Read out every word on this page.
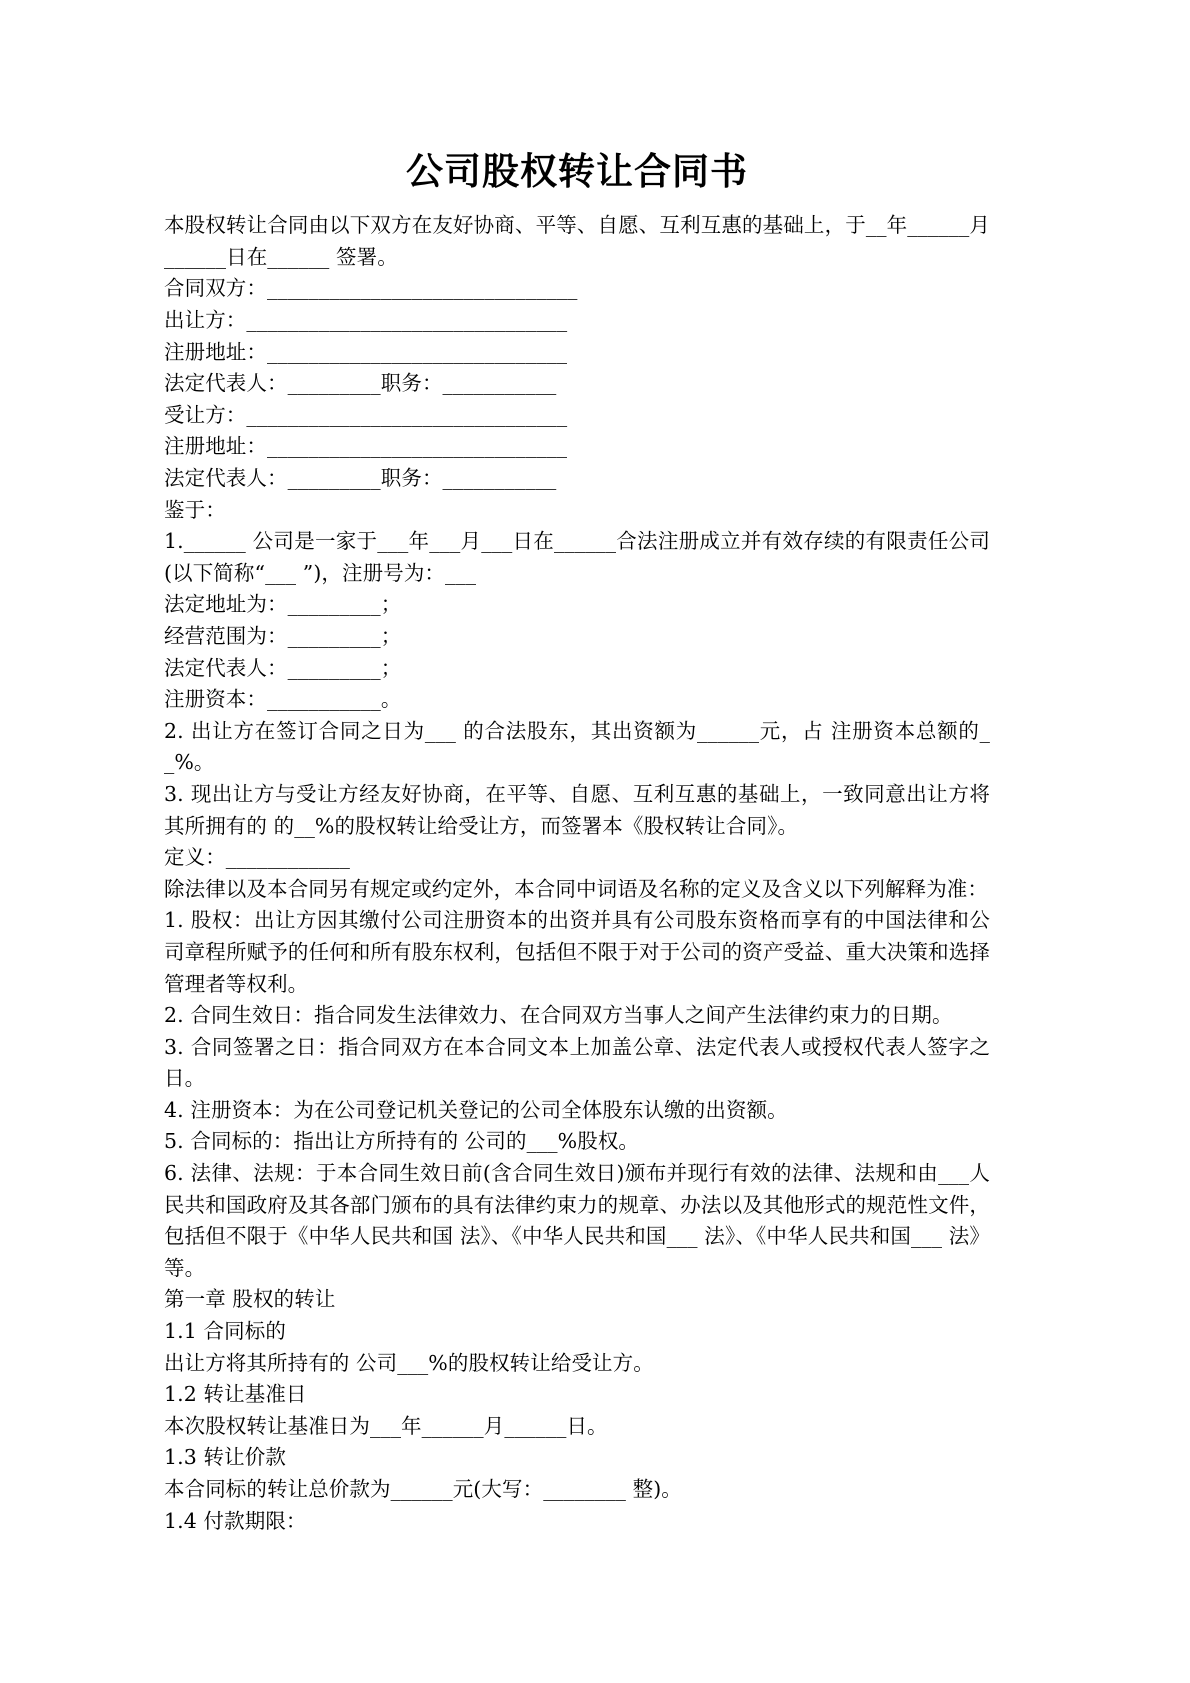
公司股权转让合同书

本股权转让合同由以下双方在友好协商、平等、自愿、互利互惠的基础上，于__年______月______日在______ 签署。

合同双方：______________________________

出让方：_______________________________

注册地址：_____________________________

法定代表人：_________职务：___________

受让方：_______________________________

注册地址：_____________________________

法定代表人：_________职务：___________

鉴于：

1.______ 公司是一家于___年___月___日在______合法注册成立并有效存续的有限责任公司(以下简称“___ ”)，注册号为：___

法定地址为：_________；

经营范围为：_________；

法定代表人：_________；

注册资本：___________。

2. 出让方在签订合同之日为___ 的合法股东，其出资额为______元，占 注册资本总额的__%。

3. 现出让方与受让方经友好协商，在平等、自愿、互利互惠的基础上，一致同意出让方将其所拥有的 的__%的股权转让给受让方，而签署本《股权转让合同》。

定义：____________

除法律以及本合同另有规定或约定外，本合同中词语及名称的定义及含义以下列解释为准：

1. 股权：出让方因其缴付公司注册资本的出资并具有公司股东资格而享有的中国法律和公司章程所赋予的任何和所有股东权利，包括但不限于对于公司的资产受益、重大决策和选择管理者等权利。

2. 合同生效日：指合同发生法律效力、在合同双方当事人之间产生法律约束力的日期。

3. 合同签署之日：指合同双方在本合同文本上加盖公章、法定代表人或授权代表人签字之日。

4. 注册资本：为在公司登记机关登记的公司全体股东认缴的出资额。

5. 合同标的：指出让方所持有的 公司的___%股权。

6. 法律、法规：于本合同生效日前(含合同生效日)颁布并现行有效的法律、法规和由___人民共和国政府及其各部门颁布的具有法律约束力的规章、办法以及其他形式的规范性文件，包括但不限于《中华人民共和国 法》、《中华人民共和国___ 法》、《中华人民共和国___ 法》等。

第一章 股权的转让

1.1 合同标的

出让方将其所持有的 公司___%的股权转让给受让方。

1.2 转让基准日

本次股权转让基准日为___年______月______日。

1.3 转让价款

本合同标的转让总价款为______元(大写：________ 整)。

1.4 付款期限：
